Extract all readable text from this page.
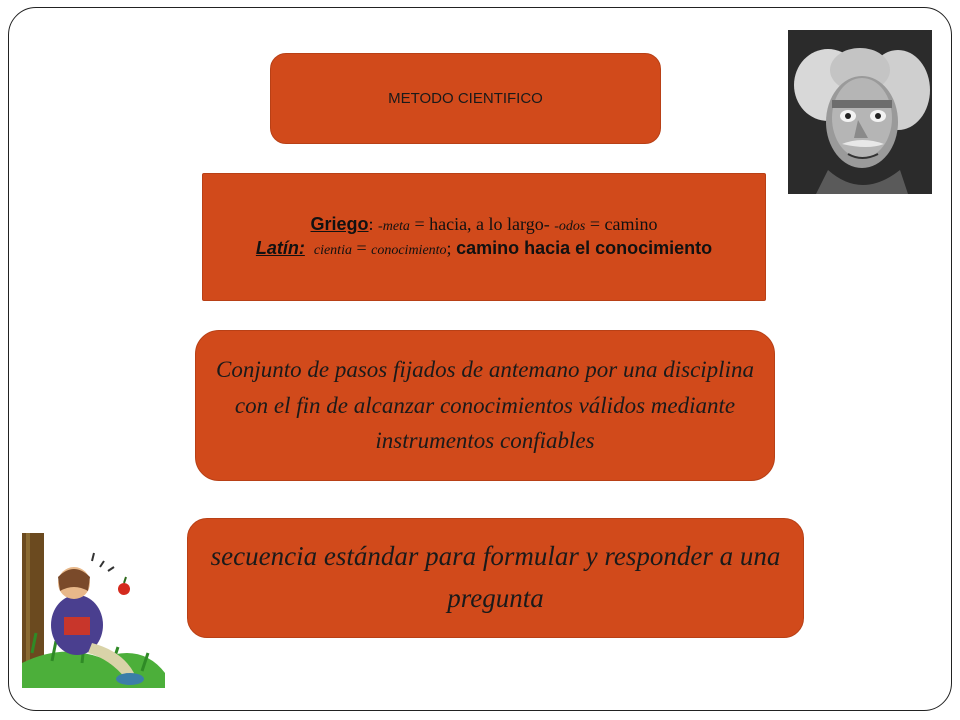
METODO CIENTIFICO
Griego: -meta = hacia, a lo largo- -odos = camino
Latín: cientia = conocimiento; camino hacia el conocimiento
Conjunto de pasos fijados de antemano por una disciplina con el fin de alcanzar conocimientos válidos mediante instrumentos confiables
secuencia estándar para formular y responder a una pregunta
